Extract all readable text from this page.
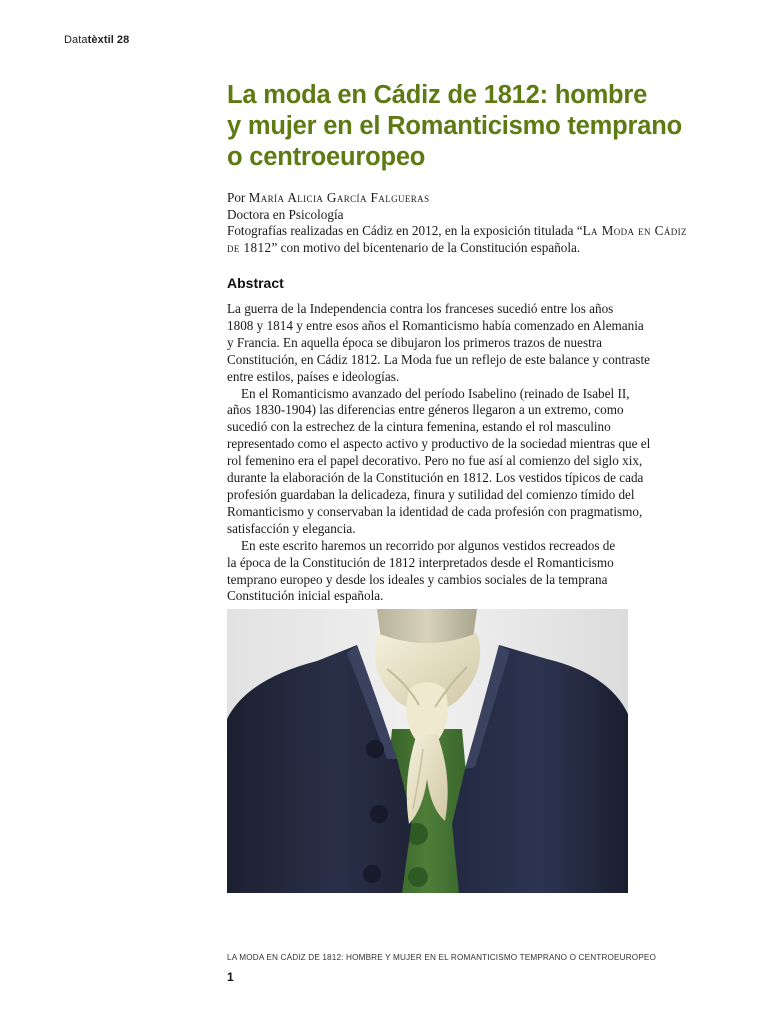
Datatèxtil 28
La moda en Cádiz de 1812: hombre
y mujer en el Romanticismo temprano
o centroeuropeo
Por María Alicia García Falgueras
Doctora en Psicología
Fotografías realizadas en Cádiz en 2012, en la exposición titulada “La Moda en Cádiz
de 1812” con motivo del bicentenario de la Constitución española.
Abstract
La guerra de la Independencia contra los franceses sucedió entre los años
1808 y 1814 y entre esos años el Romanticismo había comenzado en Alemania
y Francia. En aquella época se dibujaron los primeros trazos de nuestra
Constitución, en Cádiz 1812. La Moda fue un reflejo de este balance y contraste
entre estilos, países e ideologías.
En el Romanticismo avanzado del período Isabelino (reinado de Isabel II,
años 1830-1904) las diferencias entre géneros llegaron a un extremo, como
sucedió con la estrechez de la cintura femenina, estando el rol masculino
representado como el aspecto activo y productivo de la sociedad mientras que el
rol femenino era el papel decorativo. Pero no fue así al comienzo del siglo xix,
durante la elaboración de la Constitución en 1812. Los vestidos típicos de cada
profesión guardaban la delicadeza, finura y sutilidad del comienzo tímido del
Romanticismo y conservaban la identidad de cada profesión con pragmatismo,
satisfacción y elegancia.
En este escrito haremos un recorrido por algunos vestidos recreados de
la época de la Constitución de 1812 interpretados desde el Romanticismo
temprano europeo y desde los ideales y cambios sociales de la temprana
Constitución inicial española.
LA MODA EN CÁDIZ DE 1812: HOMBRE Y MUJER EN EL ROMANTICISMO TEMPRANO O CENTROEUROPEO
1
